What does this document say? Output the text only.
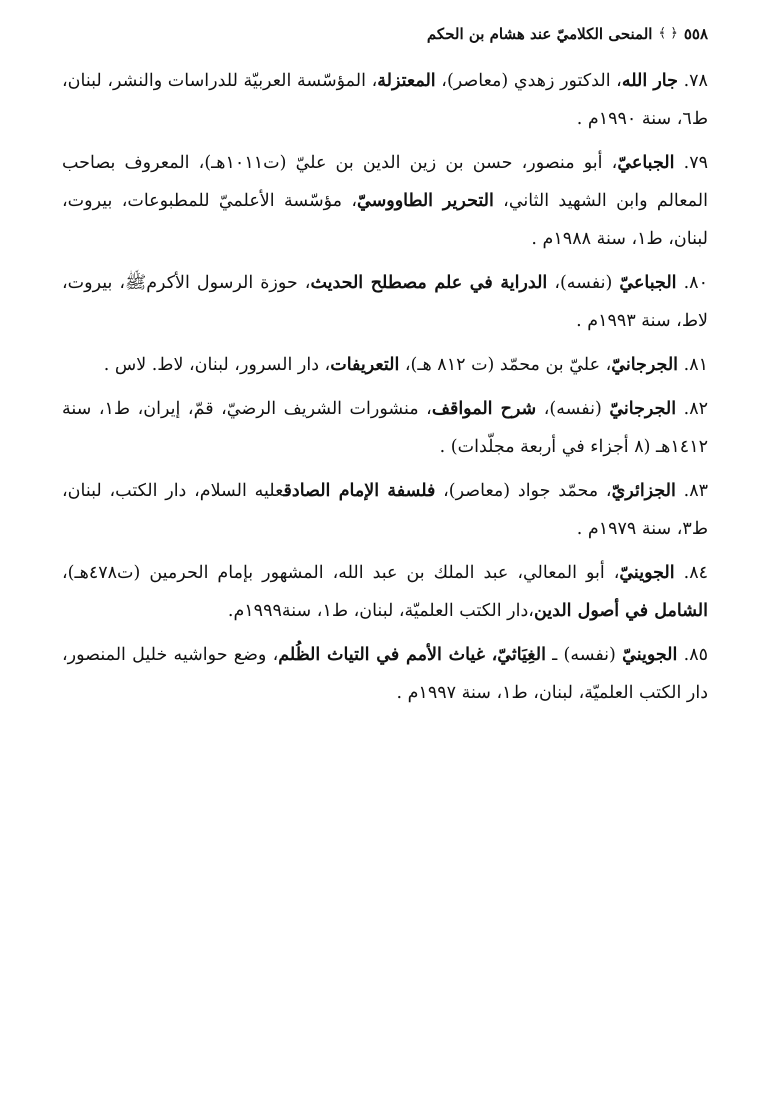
٥٥٨
﴿ ﴾
المنحى الكلاميّ عند هشام بن الحكم

٧٨. جار الله، الدكتور زهدي (معاصر)، المعتزلة، المؤسّسة العربيّة للدراسات والنشر، لبنان، ط٦، سنة ١٩٩٠م .

٧٩. الجباعيّ، أبو منصور، حسن بن زين الدين بن عليّ (ت١٠١١هـ)، المعروف بصاحب المعالم وابن الشهيد الثاني، التحرير الطاووسيّ، مؤسّسة الأعلميّ للمطبوعات، بيروت، لبنان، ط١، سنة ١٩٨٨م .

٨٠. الجباعيّ (نفسه)، الدراية في علم مصطلح الحديث، حوزة الرسول الأكرمﷺ، بيروت، لاط، سنة ١٩٩٣م .

٨١. الجرجانيّ، عليّ بن محمّد (ت ٨١٢ هـ)، التعريفات، دار السرور، لبنان، لاط. لاس .

٨٢. الجرجانيّ (نفسه)، شرح المواقف، منشورات الشريف الرضيّ، قمّ، إيران، ط١، سنة ١٤١٢هـ (٨ أجزاء في أربعة مجلّدات) .

٨٣. الجزائريّ، محمّد جواد (معاصر)، فلسفة الإمام الصادقعليه السلام، دار الكتب، لبنان، ط٣، سنة ١٩٧٩م .

٨٤. الجوينيّ، أبو المعالي، عبد الملك بن عبد الله، المشهور بإمام الحرمين (ت٤٧٨هـ)، الشامل في أصول الدين،دار الكتب العلميّة، لبنان، ط١، سنة١٩٩٩م.

٨٥. الجوينيّ (نفسه) ـ الغِيَاثيّ، غياث الأمم في التياث الظُلم، وضع حواشيه خليل المنصور، دار الكتب العلميّة، لبنان، ط١، سنة ١٩٩٧م .
